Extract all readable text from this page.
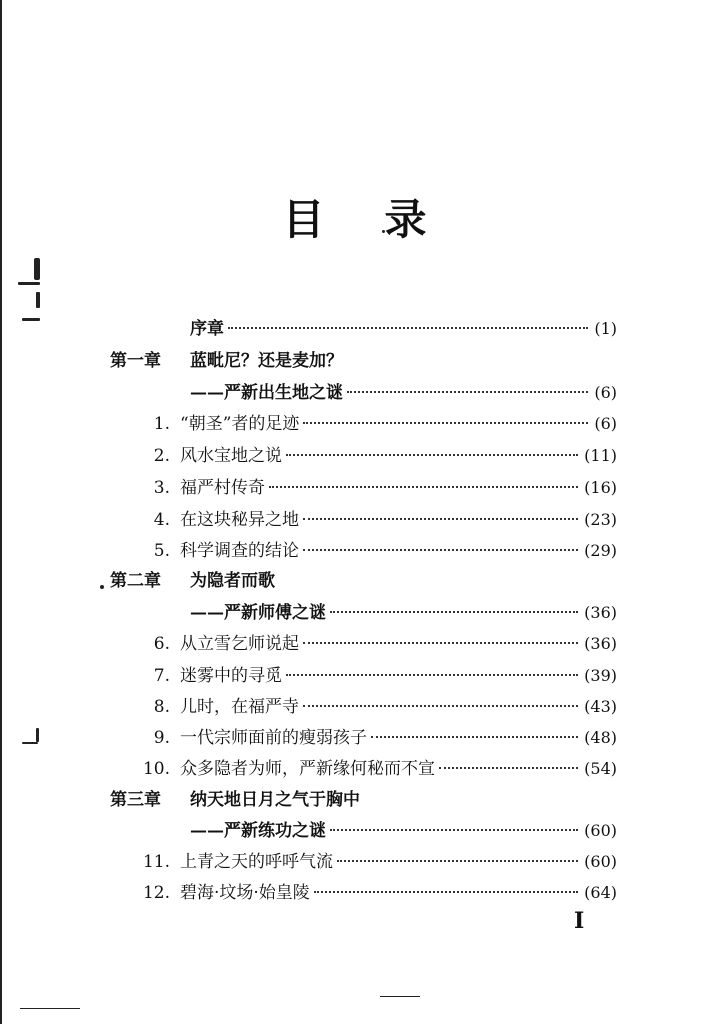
目 录
序章	(1)
第一章 蓝毗尼？还是麦加？
——严新出生地之谜	(6)
1. “朝圣”者的足迹	(6)
2. 风水宝地之说	(11)
3. 福严村传奇	(16)
4. 在这块秘异之地	(23)
5. 科学调查的结论	(29)
第二章 为隐者而歌
——严新师傅之谜	(36)
6. 从立雪乞师说起	(36)
7. 迷雾中的寻觅	(39)
8. 儿时，在福严寺	(43)
9. 一代宗师面前的瘦弱孩子	(48)
10. 众多隐者为师，严新缘何秘而不宣	(54)
第三章 纳天地日月之气于胸中
——严新练功之谜	(60)
11. 上青之天的呼呼气流	(60)
12. 碧海·坟场·始皇陵	(64)
I
